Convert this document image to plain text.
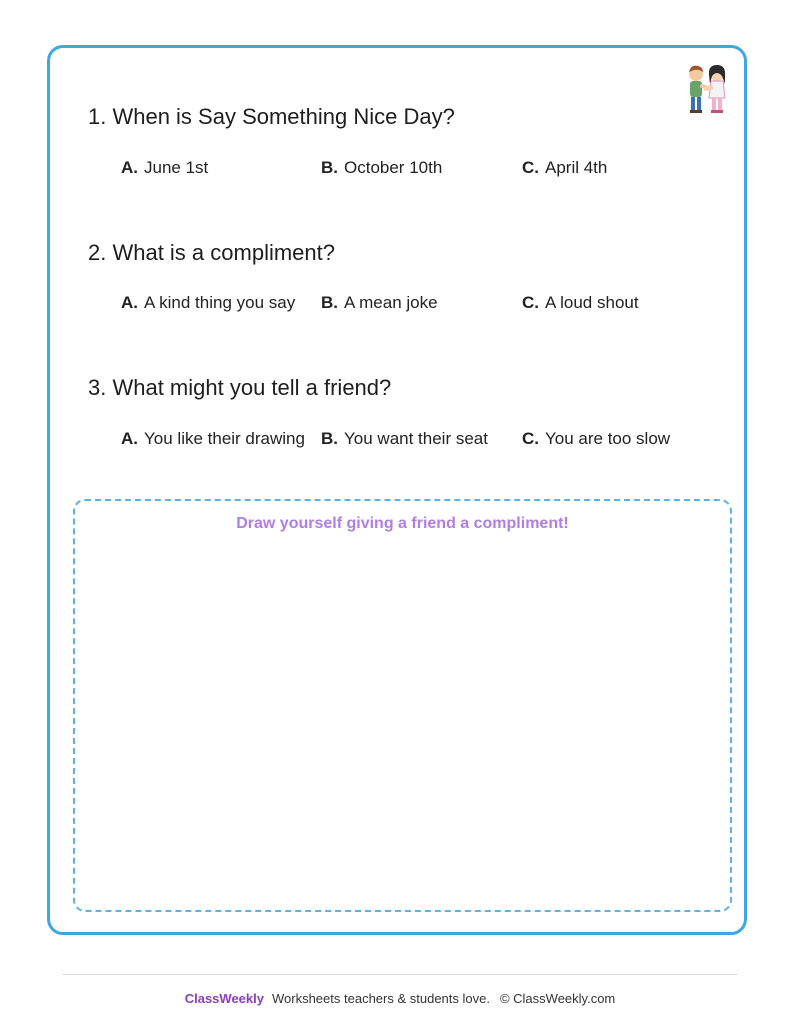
1. When is Say Something Nice Day?
A. June 1st	B. October 10th	C. April 4th
2. What is a compliment?
A. A kind thing you say B. A mean joke	C. A loud shout
3. What might you tell a friend?
A. You like their drawing B. You want their seat C. You are too slow
Draw yourself giving a friend a compliment!
ClassWeekly Worksheets teachers & students love. © ClassWeekly.com
